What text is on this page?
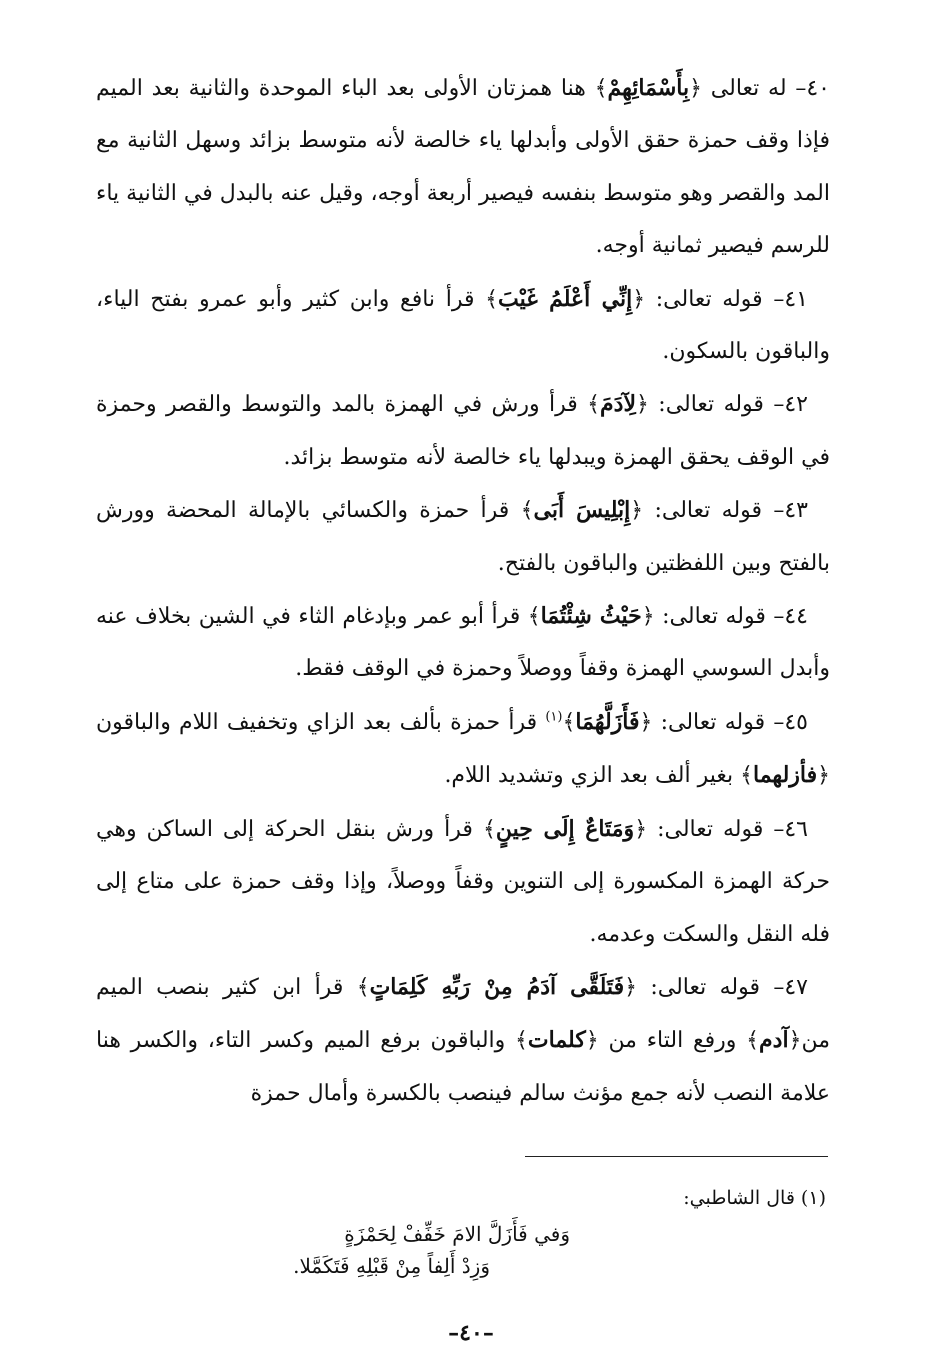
٤٠– له تعالى ﴿ بِأَسْمَائِهِمْ ﴾ هنا همزتان الأولى بعد الباء الموحدة والثانية بعد الميم فإذا وقف حمزة حقق الأولى وأبدلها ياء خالصة لأنه متوسط بزائد وسهل الثانية مع المد والقصر وهو متوسط بنفسه فيصير أربعة أوجه، وقيل عنه بالبدل في الثانية ياء للرسم فيصير ثمانية أوجه.

٤١– قوله تعالى: ﴿ إِنِّي أَعْلَمُ غَيْبَ ﴾ قرأ نافع وابن كثير وأبو عمرو بفتح الياء، والباقون بالسكون.

٤٢– قوله تعالى: ﴿ لِآدَمَ ﴾ قرأ ورش في الهمزة بالمد والتوسط والقصر وحمزة في الوقف يحقق الهمزة ويبدلها ياء خالصة لأنه متوسط بزائد.

٤٣– قوله تعالى: ﴿ إِبْلِيسَ أَبَى ﴾ قرأ حمزة والكسائي بالإمالة المحضة وورش بالفتح وبين اللفظتين والباقون بالفتح.

٤٤– قوله تعالى: ﴿ حَيْثُ شِئْتُمَا ﴾ قرأ أبو عمر وبإدغام الثاء في الشين بخلاف عنه وأبدل السوسي الهمزة وقفاً ووصلاً وحمزة في الوقف فقط.

٤٥– قوله تعالى: ﴿ فَأَزَلَّهُمَا ﴾$^{(١)}$ قرأ حمزة بألف بعد الزاي وتخفيف اللام والباقون ﴿ فأزلهما ﴾ بغير ألف بعد الزي وتشديد اللام.

٤٦– قوله تعالى: ﴿ وَمَتَاعٌ إِلَى حِينٍ ﴾ قرأ ورش بنقل الحركة إلى الساكن وهي حركة الهمزة المكسورة إلى التنوين وقفاً ووصلاً، وإذا وقف حمزة على متاع إلى فله النقل والسكت وعدمه.

٤٧– قوله تعالى: ﴿ فَتَلَقَّى آدَمُ مِنْ رَبِّهِ كَلِمَاتٍ ﴾ قرأ ابن كثير بنصب الميم من﴿ آدم ﴾ ورفع التاء من ﴿ كلمات ﴾ والباقون برفع الميم وكسر التاء، والكسر هنا علامة النصب لأنه جمع مؤنث سالم فينصب بالكسرة وأمال حمزة

(١) قال الشاطبي:

وَفي فَأَزَلَّ الامَ خَفِّفْ لِحَمْزَةٍ

وَزِدْ أَلِفاً مِنْ قَبْلِهِ فَتَكَمَّلا.

–٤٠–
